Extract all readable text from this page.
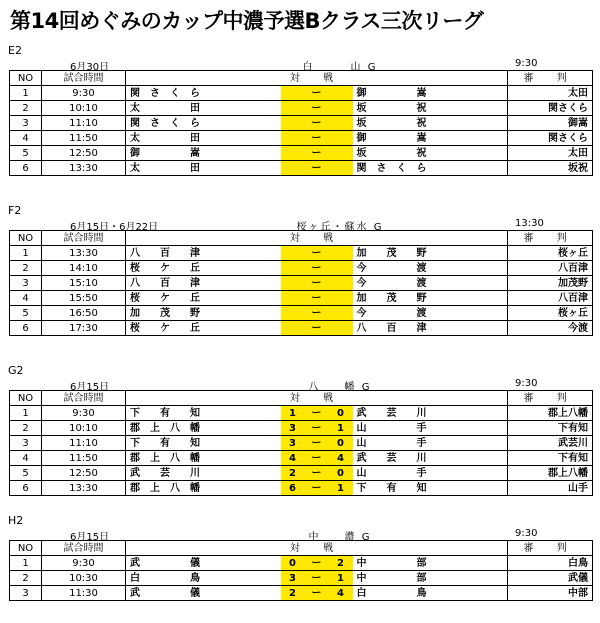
第14回めぐみのカップ中濃予選Bクラス三次リーグ
E2
6月30日	白　　　山 G	9:30
NO	試合時間	対 戦					審 判
1	9:30	関　さ　く　ら		ー		御　　　　　嵩	太田
2	10:10	太　　　　　田		ー		坂　　　　　祝	関さくら
3	11:10	関　さ　く　ら		ー		坂　　　　　祝	御嵩
4	11:50	太　　　　　田		ー		御　　　　　嵩	関さくら
5	12:50	御　　　　　嵩		ー		坂　　　　　祝	太田
6	13:30	太　　　　　田		ー		関　さ　く　ら	坂祝
F2
6月15日・6月22日	桜ヶ丘・蘇水 G	13:30
NO	試合時間	対 戦					審 判
1	13:30	八　　百　　津		ー		加　　茂　　野	桜ヶ丘
2	14:10	桜　　ケ　　丘		ー		今　　　　　渡	八百津
3	15:10	八　　百　　津		ー		今　　　　　渡	加茂野
4	15:50	桜　　ケ　　丘		ー		加　　茂　　野	八百津
5	16:50	加　　茂　　野		ー		今　　　　　渡	桜ヶ丘
6	17:30	桜　　ケ　　丘		ー		八　　百　　津	今渡
G2
6月15日	八　　幡 G	9:30
NO	試合時間	対 戦					審 判
1	9:30	下　　有　　知	1	ー	0	武　　芸　　川	郡上八幡
2	10:10	郡　上　八　幡	3	ー	1	山　　　　　手	下有知
3	11:10	下　　有　　知	3	ー	0	山　　　　　手	武芸川
4	11:50	郡　上　八　幡	4	ー	4	武　　芸　　川	下有知
5	12:50	武　　芸　　川	2	ー	0	山　　　　　手	郡上八幡
6	13:30	郡　上　八　幡	6	ー	1	下　　有　　知	山手
H2
6月15日	中　　濃 G	9:30
NO	試合時間	対 戦					審 判
1	9:30	武　　　　　儀	0	ー	2	中　　　　　部	白鳥
2	10:30	白　　　　　鳥	3	ー	1	中　　　　　部	武儀
3	11:30	武　　　　　儀	2	ー	4	白　　　　　鳥	中部
